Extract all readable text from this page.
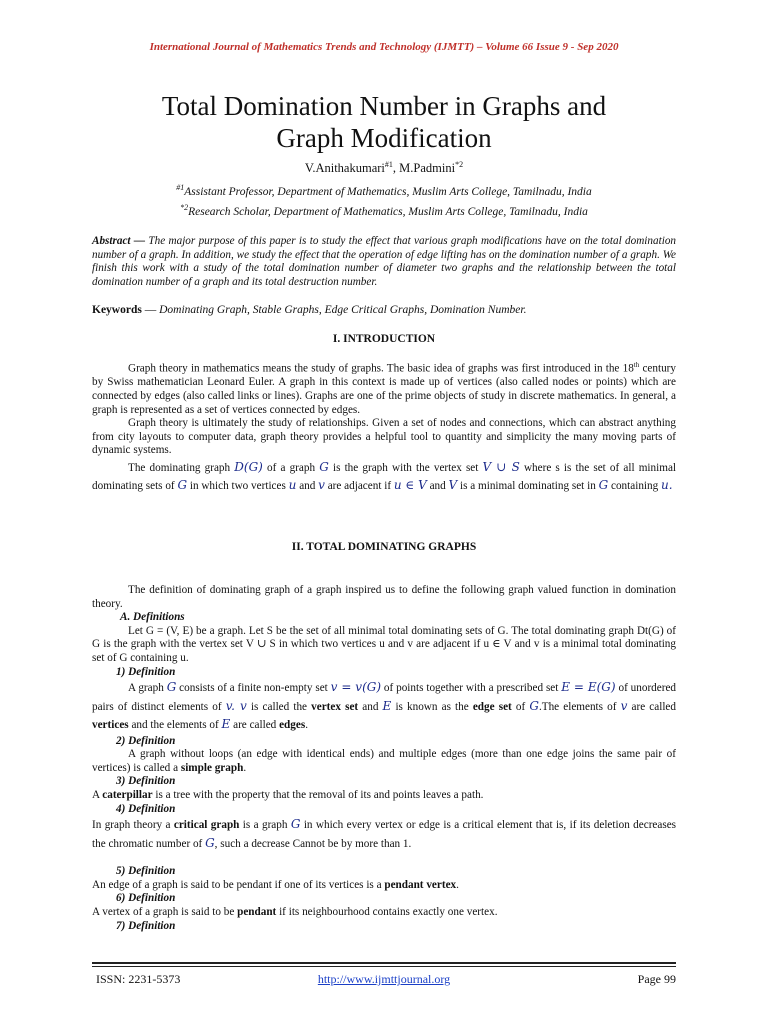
International Journal of Mathematics Trends and Technology (IJMTT) – Volume 66 Issue 9 - Sep 2020
Total Domination Number in Graphs and
Graph Modification
V.Anithakumari$^{\#1}$, M.Padmini$^{*2}$
$^{\#1}$Assistant Professor, Department of Mathematics, Muslim Arts College, Tamilnadu, India
$^{*2}$Research Scholar, Department of Mathematics, Muslim Arts College, Tamilnadu, India
Abstract — The major purpose of this paper is to study the effect that various graph modifications have on the total domination number of a graph. In addition, we study the effect that the operation of edge lifting has on the domination number of a graph. We finish this work with a study of the total domination number of diameter two graphs and the relationship between the total domination number of a graph and its total destruction number.
Keywords — Dominating Graph, Stable Graphs, Edge Critical Graphs, Domination Number.
I. INTRODUCTION

Graph theory in mathematics means the study of graphs. The basic idea of graphs was first introduced in the 18th century by Swiss mathematician Leonard Euler. A graph in this context is made up of vertices (also called nodes or points) which are connected by edges (also called links or lines). Graphs are one of the prime objects of study in discrete mathematics. In general, a graph is represented as a set of vertices connected by edges.

Graph theory is ultimately the study of relationships. Given a set of nodes and connections, which can abstract anything from city layouts to computer data, graph theory provides a helpful tool to quantity and simplicity the many moving parts of dynamic systems.

The dominating graph D(G) of a graph G is the graph with the vertex set V ∪ S where s is the set of all minimal dominating sets of G in which two vertices u and v are adjacent if u ∈ V and V is a minimal dominating set in G containing u.

II. TOTAL DOMINATING GRAPHS

The definition of dominating graph of a graph inspired us to define the following graph valued function in domination theory.

A. Definitions

Let G = (V, E) be a graph. Let S be the set of all minimal total dominating sets of G. The total dominating graph Dt(G) of G is the graph with the vertex set V ∪ S in which two vertices u and v are adjacent if u ∈ V and v is a minimal total dominating set of G containing u.

1) Definition

A graph G consists of a finite non-empty set v = v(G) of points together with a prescribed set E = E(G) of unordered pairs of distinct elements of v. v is called the vertex set and E is known as the edge set of G.The elements of v are called vertices and the elements of E are called edges.

2) Definition

A graph without loops (an edge with identical ends) and multiple edges (more than one edge joins the same pair of vertices) is called a simple graph.

3) Definition

A caterpillar is a tree with the property that the removal of its and points leaves a path.

4) Definition

In graph theory a critical graph is a graph G in which every vertex or edge is a critical element that is, if its deletion decreases the chromatic number of G, such a decrease Cannot be by more than 1.

5) Definition

An edge of a graph is said to be pendant if one of its vertices is a pendant vertex.

6) Definition

A vertex of a graph is said to be pendant if its neighbourhood contains exactly one vertex.

7) Definition

ISSN: 2231-5373	http://www.ijmttjournal.org	Page 99
